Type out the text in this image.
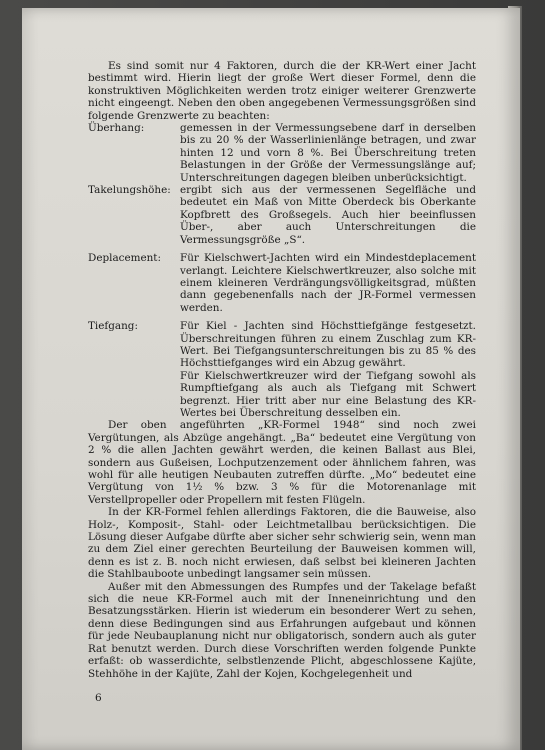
Es sind somit nur 4 Faktoren, durch die der KR-Wert einer Jacht bestimmt wird. Hierin liegt der große Wert dieser Formel, denn die konstruktiven Möglichkeiten werden trotz einiger weiterer Grenzwerte nicht eingeengt. Neben den oben angegebenen Vermessungsgrößen sind folgende Grenzwerte zu beachten:

Überhang:	gemessen in der Vermessungsebene darf in derselben bis zu 20 % der Wasserlinienlänge betragen, und zwar hinten 12 und vorn 8 %. Bei Überschreitung treten Belastungen in der Größe der Vermessungslänge auf; Unterschreitungen dagegen bleiben unberücksichtigt.

Takelungshöhe: ergibt sich aus der vermessenen Segelfläche und bedeutet ein Maß von Mitte Oberdeck bis Oberkante Kopfbrett des Großsegels. Auch hier beeinflussen Über-, aber auch Unterschreitungen die Vermessungsgröße „S“.

Deplacement:	Für Kielschwert-Jachten wird ein Mindestdeplacement verlangt. Leichtere Kielschwertkreuzer, also solche mit einem kleineren Verdrängungsvölligkeitsgrad, müßten dann gegebenenfalls nach der JR-Formel vermessen werden.

Tiefgang:	Für Kiel - Jachten sind Höchsttiefgänge festgesetzt. Überschreitungen führen zu einem Zuschlag zum KR-Wert. Bei Tiefgangsunterschreitungen bis zu 85 % des Höchsttiefganges wird ein Abzug gewährt.

Für Kielschwertkreuzer wird der Tiefgang sowohl als Rumpftiefgang als auch als Tiefgang mit Schwert begrenzt. Hier tritt aber nur eine Belastung des KR-Wertes bei Überschreitung desselben ein.

Der oben angeführten „KR-Formel 1948“ sind noch zwei Vergütungen, als Abzüge angehängt. „Ba“ bedeutet eine Vergütung von 2 % die allen Jachten gewährt werden, die keinen Ballast aus Blei, sondern aus Gußeisen, Lochputzenzement oder ähnlichem fahren, was wohl für alle heutigen Neubauten zutreffen dürfte. „Mo“ bedeutet eine Vergütung von 1½ % bzw. 3 % für die Motorenanlage mit Verstellpropeller oder Propellern mit festen Flügeln.

In der KR-Formel fehlen allerdings Faktoren, die die Bauweise, also Holz-, Komposit-, Stahl- oder Leichtmetallbau berücksichtigen. Die Lösung dieser Aufgabe dürfte aber sicher sehr schwierig sein, wenn man zu dem Ziel einer gerechten Beurteilung der Bauweisen kommen will, denn es ist z. B. noch nicht erwiesen, daß selbst bei kleineren Jachten die Stahlbauboote unbedingt langsamer sein müssen.

Außer mit den Abmessungen des Rumpfes und der Takelage befaßt sich die neue KR-Formel auch mit der Inneneinrichtung und den Besatzungsstärken. Hierin ist wiederum ein besonderer Wert zu sehen, denn diese Bedingungen sind aus Erfahrungen aufgebaut und können für jede Neubauplanung nicht nur obligatorisch, sondern auch als guter Rat benutzt werden. Durch diese Vorschriften werden folgende Punkte erfaßt: ob wasserdichte, selbstlenzende Plicht, abgeschlossene Kajüte, Stehhöhe in der Kajüte, Zahl der Kojen, Kochgelegenheit und

6
